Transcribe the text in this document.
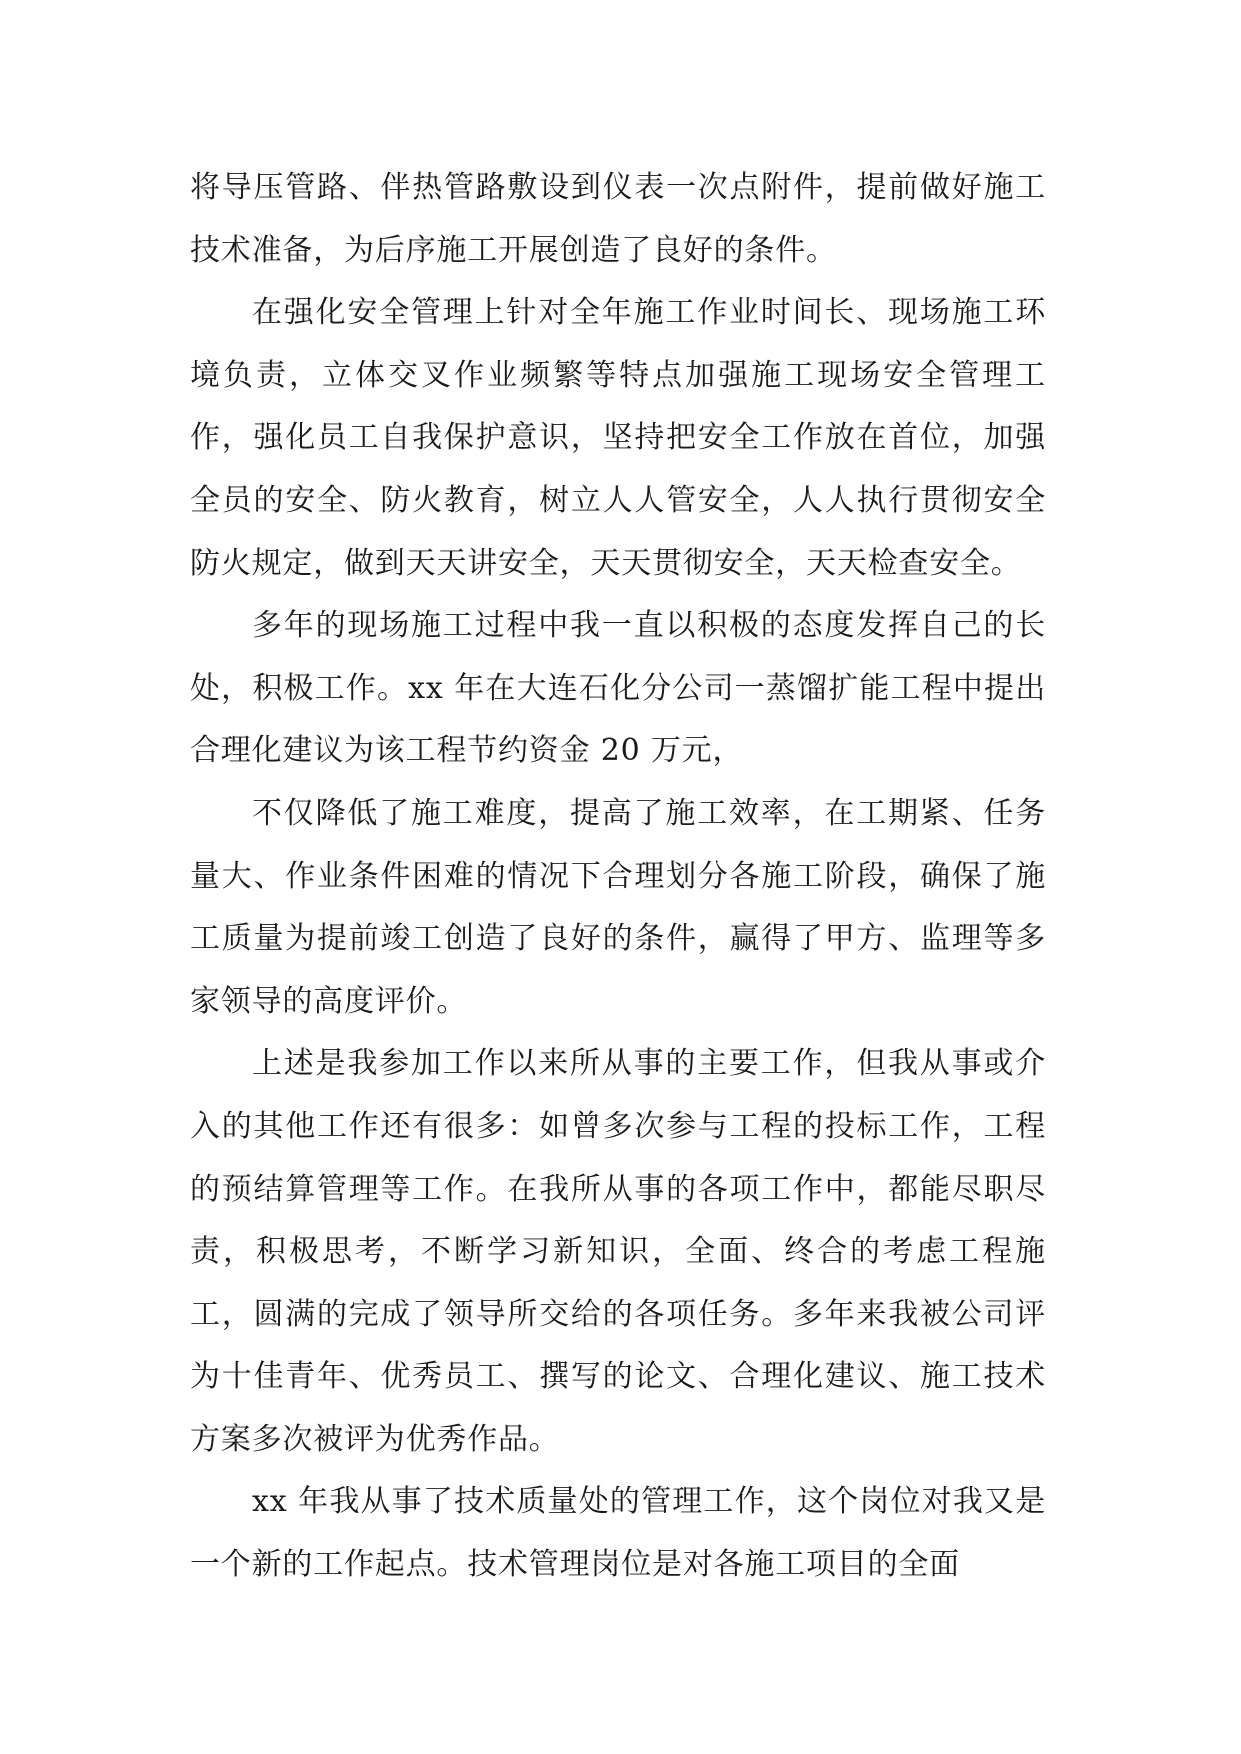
将导压管路、伴热管路敷设到仪表一次点附件，提前做好施工技术准备，为后序施工开展创造了良好的条件。

在强化安全管理上针对全年施工作业时间长、现场施工环境负责，立体交叉作业频繁等特点加强施工现场安全管理工作，强化员工自我保护意识，坚持把安全工作放在首位，加强全员的安全、防火教育，树立人人管安全，人人执行贯彻安全防火规定，做到天天讲安全，天天贯彻安全，天天检查安全。

多年的现场施工过程中我一直以积极的态度发挥自己的长处，积极工作。xx 年在大连石化分公司一蒸馏扩能工程中提出合理化建议为该工程节约资金 20 万元，

不仅降低了施工难度，提高了施工效率，在工期紧、任务量大、作业条件困难的情况下合理划分各施工阶段，确保了施工质量为提前竣工创造了良好的条件，赢得了甲方、监理等多家领导的高度评价。

上述是我参加工作以来所从事的主要工作，但我从事或介入的其他工作还有很多：如曾多次参与工程的投标工作，工程的预结算管理等工作。在我所从事的各项工作中，都能尽职尽责，积极思考，不断学习新知识，全面、终合的考虑工程施工，圆满的完成了领导所交给的各项任务。多年来我被公司评为十佳青年、优秀员工、撰写的论文、合理化建议、施工技术方案多次被评为优秀作品。

xx 年我从事了技术质量处的管理工作，这个岗位对我又是一个新的工作起点。技术管理岗位是对各施工项目的全面
